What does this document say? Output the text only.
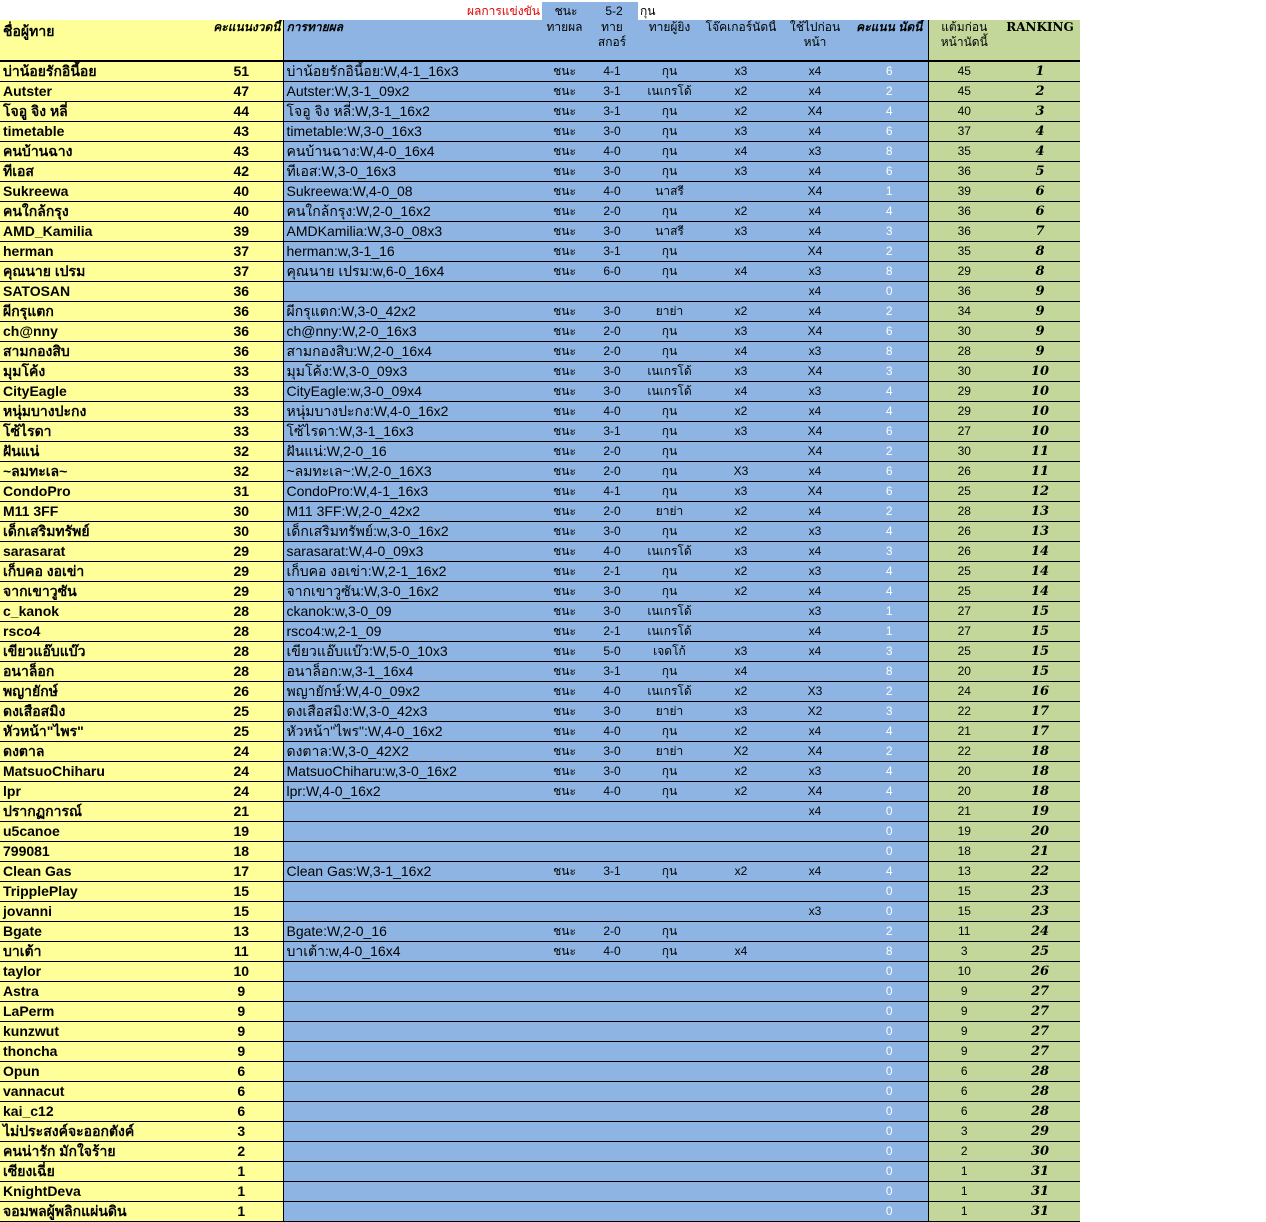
ผลการแข่งขัน	ชนะ	5-2	กุน
ชื่อผู้ทาย	คะแนนงวดนี้	การทายผล	ทายผล	ทาย สกอร์	ทายผู้ยิง	โจ๊คเกอร์นัดนี้	ใช้ไปก่อน หน้า	คะแนน นัดนี้	แต้มก่อน หน้านัดนี้	RANKING
บ่าน้อยรักอินี้อย	51	บ่าน้อยรักอินี้อย:W,4-1_16x3	ชนะ	4-1	กุน	x3	x4	6	45	1
Autster	47	Autster:W,3-1_09x2	ชนะ	3-1	เนเกรโด้	x2	x4	2	45	2
โจอู จิง หลี่	44	โจอู จิง หลี่:W,3-1_16x2	ชนะ	3-1	กุน	x2	X4	4	40	3
timetable	43	timetable:W,3-0_16x3	ชนะ	3-0	กุน	x3	x4	6	37	4
คนบ้านฉาง	43	คนบ้านฉาง:W,4-0_16x4	ชนะ	4-0	กุน	x4	x3	8	35	4
ทีเอส	42	ทีเอส:W,3-0_16x3	ชนะ	3-0	กุน	x3	x4	6	36	5
Sukreewa	40	Sukreewa:W,4-0_08	ชนะ	4-0	นาสรี		X4	1	39	6
คนใกล้กรุง	40	คนใกล้กรุง:W,2-0_16x2	ชนะ	2-0	กุน	x2	x4	4	36	6
AMD_Kamilia	39	AMDKamilia:W,3-0_08x3	ชนะ	3-0	นาสรี	x3	x4	3	36	7
herman	37	herman:w,3-1_16	ชนะ	3-1	กุน		X4	2	35	8
คุณนาย เปรม	37	คุณนาย เปรม:w,6-0_16x4	ชนะ	6-0	กุน	x4	x3	8	29	8
SATOSAN	36						x4	0	36	9
ผีกรุแตก	36	ผีกรุแตก:W,3-0_42x2	ชนะ	3-0	ยาย่า	x2	x4	2	34	9
ch@nny	36	ch@nny:W,2-0_16x3	ชนะ	2-0	กุน	x3	X4	6	30	9
สามกองสิบ	36	สามกองสิบ:W,2-0_16x4	ชนะ	2-0	กุน	x4	x3	8	28	9
มุมโค้ง	33	มุมโค้ง:W,3-0_09x3	ชนะ	3-0	เนเกรโด้	x3	X4	3	30	10
CityEagle	33	CityEagle:w,3-0_09x4	ชนะ	3-0	เนเกรโด้	x4	x3	4	29	10
หนุ่มบางปะกง	33	หนุ่มบางปะกง:W,4-0_16x2	ชนะ	4-0	กุน	x2	x4	4	29	10
โซ้ไรดา	33	โซ้ไรดา:W,3-1_16x3	ชนะ	3-1	กุน	x3	X4	6	27	10
ฝันแน่	32	ฝันแน่:W,2-0_16	ชนะ	2-0	กุน		X4	2	30	11
~ลมทะเล~	32	~ลมทะเล~:W,2-0_16X3	ชนะ	2-0	กุน	X3	x4	6	26	11
CondoPro	31	CondoPro:W,4-1_16x3	ชนะ	4-1	กุน	x3	X4	6	25	12
M11 3FF	30	M11 3FF:W,2-0_42x2	ชนะ	2-0	ยาย่า	x2	x4	2	28	13
เด็กเสริมทรัพย์	30	เด็กเสริมทรัพย์:w,3-0_16x2	ชนะ	3-0	กุน	x2	x3	4	26	13
sarasarat	29	sarasarat:W,4-0_09x3	ชนะ	4-0	เนเกรโด้	x3	x4	3	26	14
เก็บคอ งอเข่า	29	เก็บคอ งอเข่า:W,2-1_16x2	ชนะ	2-1	กุน	x2	x3	4	25	14
จากเขาวูซัน	29	จากเขาวูซัน:W,3-0_16x2	ชนะ	3-0	กุน	x2	x4	4	25	14
c_kanok	28	ckanok:w,3-0_09	ชนะ	3-0	เนเกรโด้		x3	1	27	15
rsco4	28	rsco4:w,2-1_09	ชนะ	2-1	เนเกรโด้		x4	1	27	15
เขียวแอ๊บแบ๊ว	28	เขียวแอ๊บแบ๊ว:W,5-0_10x3	ชนะ	5-0	เจดโก้	x3	x4	3	25	15
อนาล็อก	28	อนาล็อก:w,3-1_16x4	ชนะ	3-1	กุน	x4		8	20	15
พญายักษ์	26	พญายักษ์:W,4-0_09x2	ชนะ	4-0	เนเกรโด้	x2	X3	2	24	16
ดงเสือสมิง	25	ดงเสือสมิง:W,3-0_42x3	ชนะ	3-0	ยาย่า	x3	X2	3	22	17
หัวหน้า"ไพร"	25	หัวหน้า"ไพร":W,4-0_16x2	ชนะ	4-0	กุน	x2	x4	4	21	17
ดงตาล	24	ดงตาล:W,3-0_42X2	ชนะ	3-0	ยาย่า	X2	X4	2	22	18
MatsuoChiharu	24	MatsuoChiharu:w,3-0_16x2	ชนะ	3-0	กุน	x2	x3	4	20	18
lpr	24	lpr:W,4-0_16x2	ชนะ	4-0	กุน	x2	X4	4	20	18
ปรากฏการณ์	21						x4	0	21	19
u5canoe	19							0	19	20
799081	18							0	18	21
Clean Gas	17	Clean Gas:W,3-1_16x2	ชนะ	3-1	กุน	x2	x4	4	13	22
TripplePlay	15							0	15	23
jovanni	15						x3	0	15	23
Bgate	13	Bgate:W,2-0_16	ชนะ	2-0	กุน			2	11	24
บาเต้า	11	บาเต้า:w,4-0_16x4	ชนะ	4-0	กุน	x4		8	3	25
taylor	10							0	10	26
Astra	9							0	9	27
LaPerm	9							0	9	27
kunzwut	9							0	9	27
thoncha	9							0	9	27
Opun	6							0	6	28
vannacut	6							0	6	28
kai_c12	6							0	6	28
ไม่ประสงค์จะออกตังค์	3							0	3	29
คนน่ารัก มักใจร้าย	2							0	2	30
เซียงเฉี่ย	1							0	1	31
KnightDeva	1							0	1	31
จอมพลผู้พลิกแผ่นดิน	1							0	1	31
